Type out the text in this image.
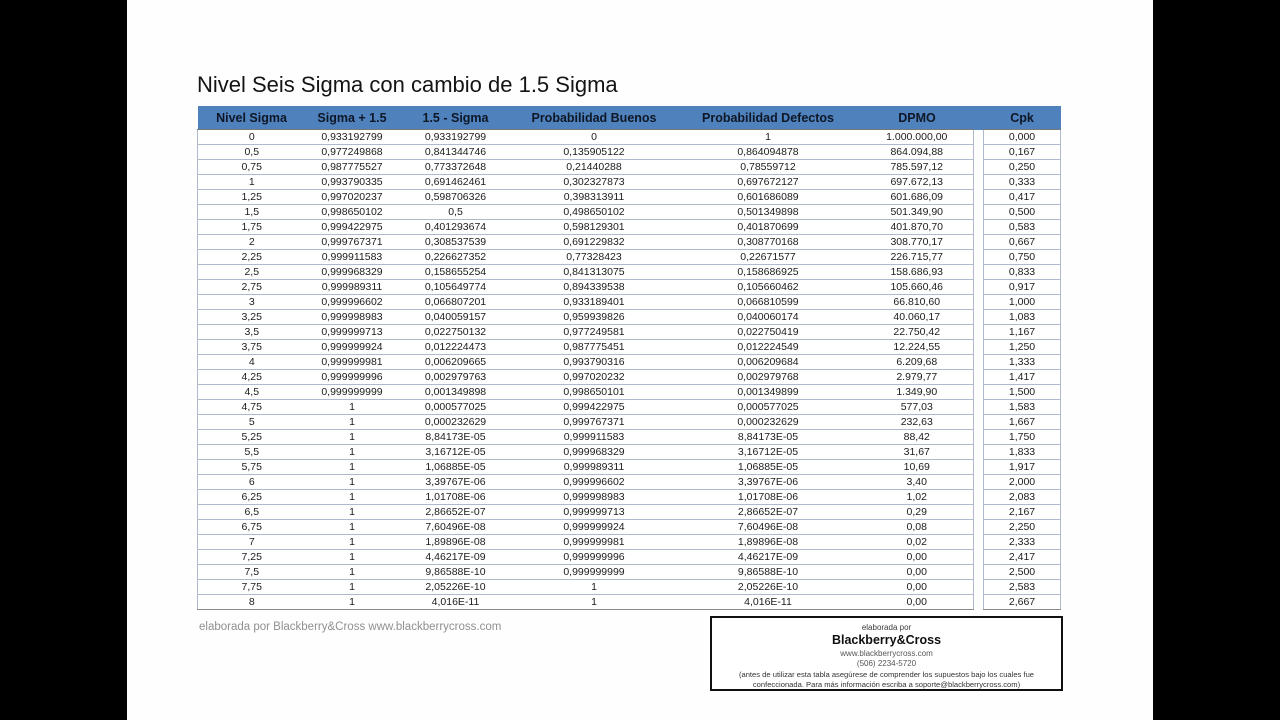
Nivel Seis Sigma con cambio de 1.5 Sigma
Nivel Sigma	Sigma + 1.5	1.5 - Sigma	Probabilidad Buenos	Probabilidad Defectos	DPMO		Cpk
0	0,933192799	0,933192799	0	1	1.000.000,00		0,000
0,5	0,977249868	0,841344746	0,135905122	0,864094878	864.094,88		0,167
0,75	0,987775527	0,773372648	0,21440288	0,78559712	785.597,12		0,250
1	0,993790335	0,691462461	0,302327873	0,697672127	697.672,13		0,333
1,25	0,997020237	0,598706326	0,398313911	0,601686089	601.686,09		0,417
1,5	0,998650102	0,5	0,498650102	0,501349898	501.349,90		0,500
1,75	0,999422975	0,401293674	0,598129301	0,401870699	401.870,70		0,583
2	0,999767371	0,308537539	0,691229832	0,308770168	308.770,17		0,667
2,25	0,999911583	0,226627352	0,77328423	0,22671577	226.715,77		0,750
2,5	0,999968329	0,158655254	0,841313075	0,158686925	158.686,93		0,833
2,75	0,999989311	0,105649774	0,894339538	0,105660462	105.660,46		0,917
3	0,999996602	0,066807201	0,933189401	0,066810599	66.810,60		1,000
3,25	0,999998983	0,040059157	0,959939826	0,040060174	40.060,17		1,083
3,5	0,999999713	0,022750132	0,977249581	0,022750419	22.750,42		1,167
3,75	0,999999924	0,012224473	0,987775451	0,012224549	12.224,55		1,250
4	0,999999981	0,006209665	0,993790316	0,006209684	6.209,68		1,333
4,25	0,999999996	0,002979763	0,997020232	0,002979768	2.979,77		1,417
4,5	0,999999999	0,001349898	0,998650101	0,001349899	1.349,90		1,500
4,75	1	0,000577025	0,999422975	0,000577025	577,03		1,583
5	1	0,000232629	0,999767371	0,000232629	232,63		1,667
5,25	1	8,84173E-05	0,999911583	8,84173E-05	88,42		1,750
5,5	1	3,16712E-05	0,999968329	3,16712E-05	31,67		1,833
5,75	1	1,06885E-05	0,999989311	1,06885E-05	10,69		1,917
6	1	3,39767E-06	0,999996602	3,39767E-06	3,40		2,000
6,25	1	1,01708E-06	0,999998983	1,01708E-06	1,02		2,083
6,5	1	2,86652E-07	0,999999713	2,86652E-07	0,29		2,167
6,75	1	7,60496E-08	0,999999924	7,60496E-08	0,08		2,250
7	1	1,89896E-08	0,999999981	1,89896E-08	0,02		2,333
7,25	1	4,46217E-09	0,999999996	4,46217E-09	0,00		2,417
7,5	1	9,86588E-10	0,999999999	9,86588E-10	0,00		2,500
7,75	1	2,05226E-10	1	2,05226E-10	0,00		2,583
8	1	4,016E-11	1	4,016E-11	0,00		2,667
elaborada por Blackberry&Cross www.blackberrycross.com	elaborada por
Blackberry&Cross
www.blackberrycross.com
(506) 2234-5720
(antes de utilizar esta tabla asegúrese de comprender los supuestos bajo los cuales fue confeccionada. Para más información escriba a soporte@blackberrycross.com)
